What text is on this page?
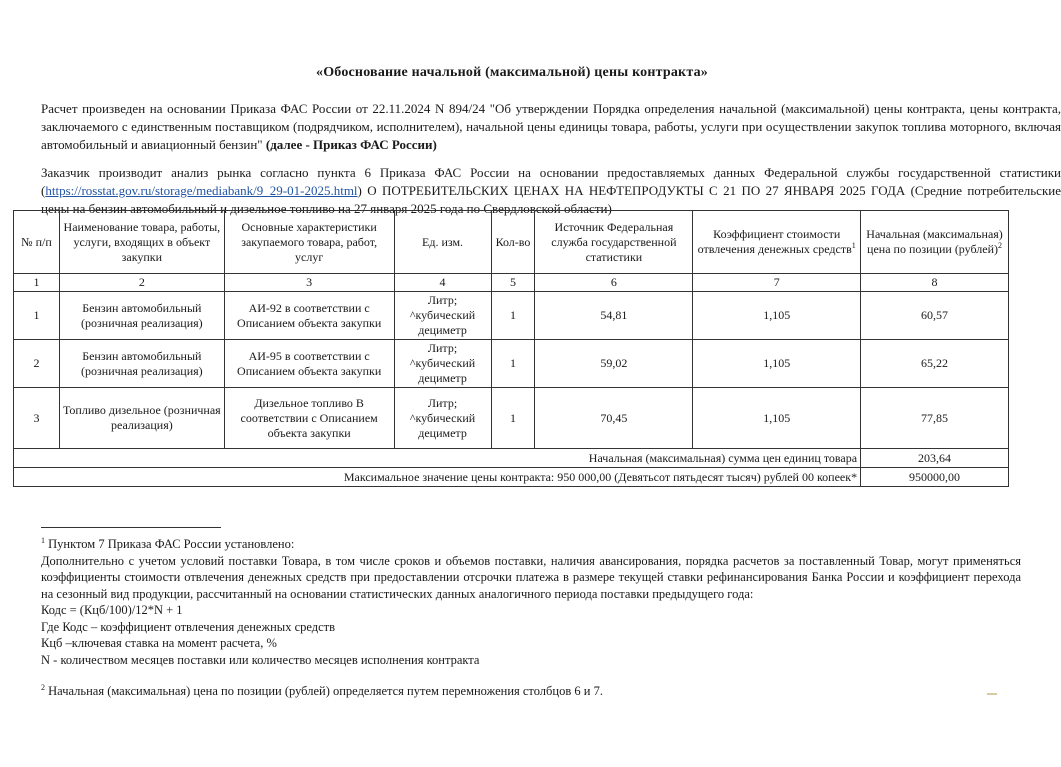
«Обоснование начальной (максимальной) цены контракта»
Расчет произведен на основании Приказа ФАС России от 22.11.2024 N 894/24 "Об утверждении Порядка определения начальной (максимальной) цены контракта, цены контракта, заключаемого с единственным поставщиком (подрядчиком, исполнителем), начальной цены единицы товара, работы, услуги при осуществлении закупок топлива моторного, включая автомобильный и авиационный бензин" (далее - Приказ ФАС России)
Заказчик производит анализ рынка согласно пункта 6 Приказа ФАС России на основании предоставляемых данных Федеральной службы государственной статистики (https://rosstat.gov.ru/storage/mediabank/9_29-01-2025.html) О ПОТРЕБИТЕЛЬСКИХ ЦЕНАХ НА НЕФТЕПРОДУКТЫ С 21 ПО 27 ЯНВАРЯ 2025 ГОДА (Средние потребительские цены на бензин автомобильный и дизельное топливо на 27 января 2025 года по Свердловской области)
№ п/п	Наименование товара, работы, услуги, входящих в объект закупки	Основные характеристики закупаемого товара, работ, услуг	Ед. изм.	Кол-во	Источник Федеральная служба государственной статистики	Коэффициент стоимости отвлечения денежных средств$^1$	Начальная (максимальная) цена по позиции (рублей)$^2$
1	2	3	4	5	6	7	8
1	Бензин автомобильный (розничная реализация)	АИ-92 в соответствии с Описанием объекта закупки	Литр; ^кубический дециметр	1	54,81	1,105	60,57
2	Бензин автомобильный (розничная реализация)	АИ-95 в соответствии с Описанием объекта закупки	Литр; ^кубический дециметр	1	59,02	1,105	65,22
3	Топливо дизельное (розничная реализация)	Дизельное топливо В соответствии с Описанием объекта закупки	Литр; ^кубический дециметр	1	70,45	1,105	77,85
Начальная (максимальная) сумма цен единиц товара							203,64
Максимальное значение цены контракта: 950 000,00 (Девятьсот пятьдесят тысяч) рублей 00 копеек*							950000,00
$^1$ Пунктом 7 Приказа ФАС России установлено:
Дополнительно с учетом условий поставки Товара, в том числе сроков и объемов поставки, наличия авансирования, порядка расчетов за поставленный Товар, могут применяться коэффициенты стоимости отвлечения денежных средств при предоставлении отсрочки платежа в размере текущей ставки рефинансирования Банка России и коэффициент перехода на сезонный вид продукции, рассчитанный на основании статистических данных аналогичного периода поставки предыдущего года:
Кодс = (Кцб/100)/12*N + 1
Где Кодс – коэффициент отвлечения денежных средств
Кцб –ключевая ставка на момент расчета, %
N - количеством месяцев поставки или количество месяцев исполнения контракта
$^2$ Начальная (максимальная) цена по позиции (рублей) определяется путем перемножения столбцов 6 и 7.
